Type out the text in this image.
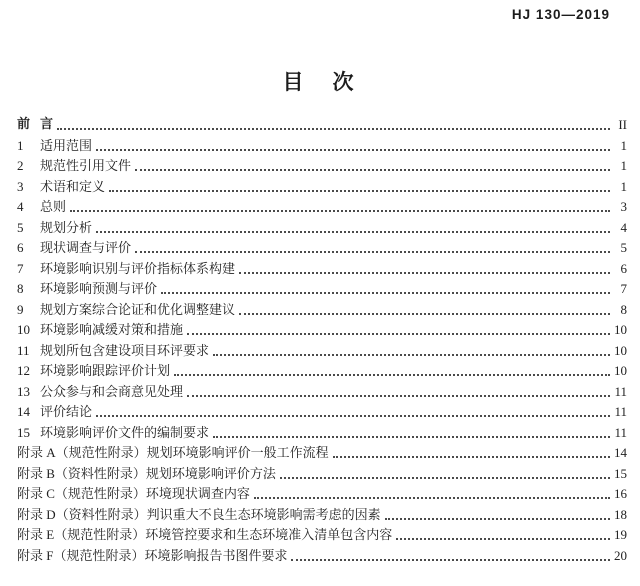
HJ 130—2019
目　次
前 言	II
1	适用范围	1
2	规范性引用文件	1
3	术语和定义	1
4	总则	3
5	规划分析	4
6	现状调查与评价	5
7	环境影响识别与评价指标体系构建	6
8	环境影响预测与评价	7
9	规划方案综合论证和优化调整建议	8
10 环境影响减缓对策和措施	10
11 规划所包含建设项目环评要求	10
12 环境影响跟踪评价计划	10
13 公众参与和会商意见处理	11
14 评价结论	11
15 环境影响评价文件的编制要求	11
附录 A（规范性附录）规划环境影响评价一般工作流程	14
附录 B（资料性附录）规划环境影响评价方法	15
附录 C（规范性附录）环境现状调查内容	16
附录 D（资料性附录）判识重大不良生态环境影响需考虑的因素	18
附录 E（规范性附录）环境管控要求和生态环境准入清单包含内容	19
附录 F（规范性附录）环境影响报告书图件要求	20
